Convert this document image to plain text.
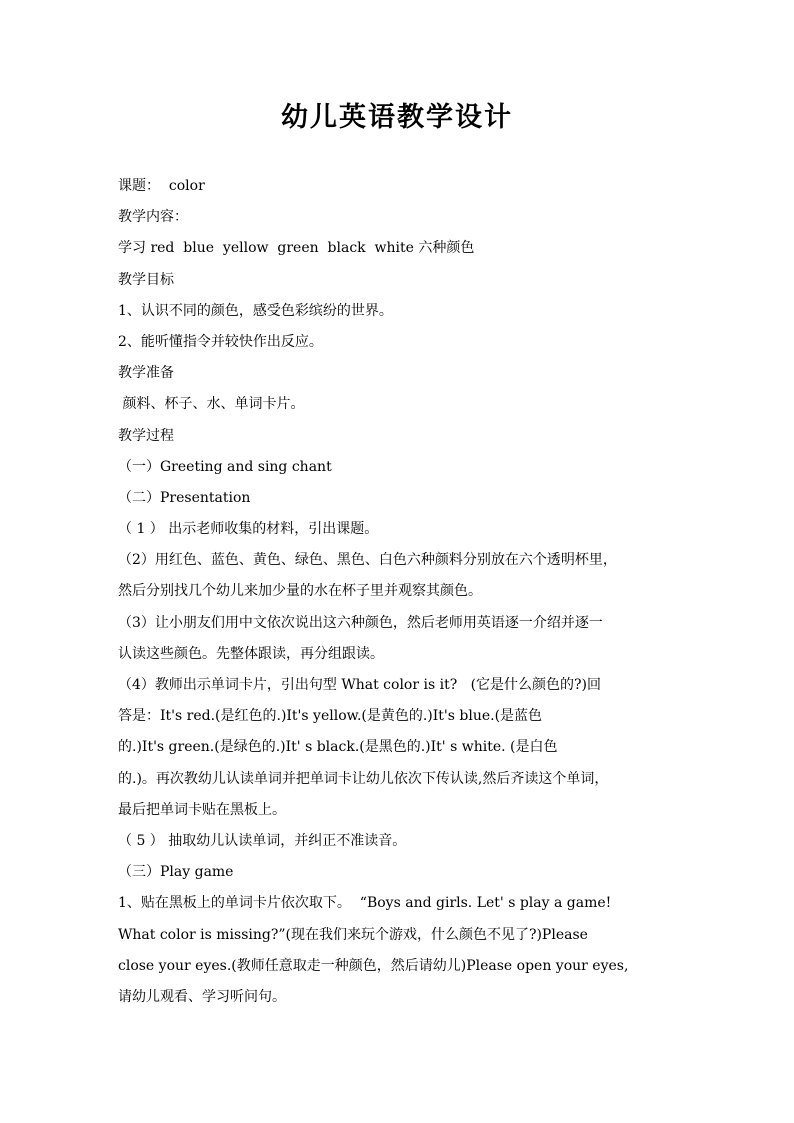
幼儿英语教学设计
课题：  color
教学内容：
学习 red  blue  yellow  green  black  white 六种颜色
教学目标
1、认识不同的颜色，感受色彩缤纷的世界。
2、能听懂指令并较快作出反应。
教学准备
颜料、杯子、水、单词卡片。
教学过程
（一）Greeting and sing chant
（二）Presentation
（ 1 ） 出示老师收集的材料，引出课题。
（2）用红色、蓝色、黄色、绿色、黑色、白色六种颜料分别放在六个透明杯里，
然后分别找几个幼儿来加少量的水在杯子里并观察其颜色。
（3）让小朋友们用中文依次说出这六种颜色，然后老师用英语逐一介绍并逐一
认读这些颜色。先整体跟读，再分组跟读。
（4）教师出示单词卡片，引出句型 What color is it?   (它是什么颜色的?)回
答是：It's red.(是红色的.)It's yellow.(是黄色的.)It's blue.(是蓝色
的.)It's green.(是绿色的.)It' s black.(是黑色的.)It' s white. (是白色
的.)。再次教幼儿认读单词并把单词卡让幼儿依次下传认读,然后齐读这个单词，
最后把单词卡贴在黑板上。
（ 5 ） 抽取幼儿认读单词，并纠正不准读音。
（三）Play game
1、贴在黑板上的单词卡片依次取下。  “Boys and girls. Let' s play a game!
What color is missing?”(现在我们来玩个游戏，什么颜色不见了?)Please
close your eyes.(教师任意取走一种颜色，然后请幼儿)Please open your eyes,
请幼儿观看、学习听问句。
